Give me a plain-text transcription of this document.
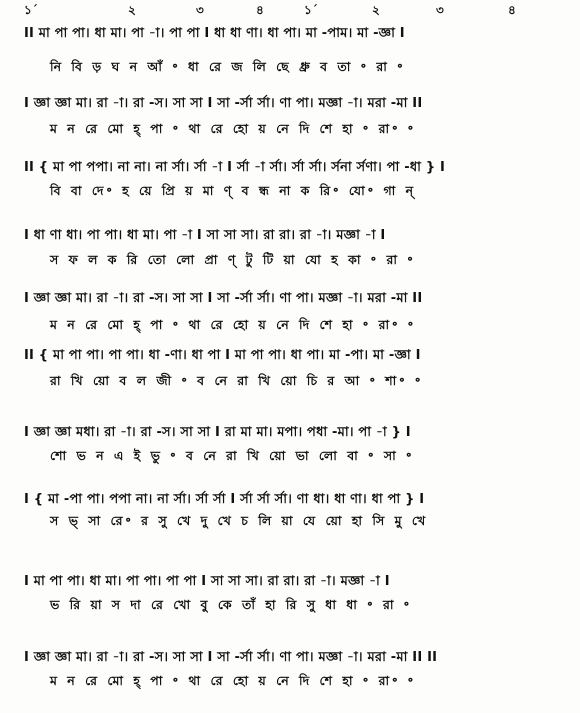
১´	২	৩	৪	১´	২	৩	৪
II মা পা পা। ধা মা। পা -া। পা পা I ধা ধা ণা। ধা পা। মা -পাম। মা -জ্ঞা I
নি বি ড় ঘ ন আঁ ॰ ধা রে জ লি ছে ধ্রু ব তা ॰ রা ॰
I জ্ঞা জ্ঞা মা। রা -া। রা -স। সা সা I সা -র্সা র্সা। ণা পা। মজ্ঞা -া। মরা -মা II
ম ন রে মো হ্ পা ॰ থা রে হো য় নে দি শে হা ॰ রা॰ ॰
II { মা পা পপা। না না। না র্সা। র্সা -া I র্সা -া র্সা। র্সা র্সা। র্সনা র্সণা। পা -ধা } I
বি বা দে॰ হ য়ে প্রি য় মা ণ্ ব ন্ধ না ক রি॰ যো॰ গা ন্
I ধা ণা ধা। পা পা। ধা মা। পা -া I সা সা সা। রা রা। রা -া। মজ্ঞা -া I
স ফ ল ক রি তো লো প্রা ণ্ টু টি য়া যো হ কা ॰ রা ॰
I জ্ঞা জ্ঞা মা। রা -া। রা -স। সা সা I সা -র্সা র্সা। ণা পা। মজ্ঞা -া। মরা -মা II
ম ন রে মো হ্ পা ॰ থা রে হো য় নে দি শে হা ॰ রা॰ ॰
II { মা পা পা। পা পা। ধা -ণা। ধা পা I মা পা পা। ধা পা। মা -পা। মা -জ্ঞা I
রা খি য়ো ব ল জী ॰ ব নে রা খি য়ো চি র আ ॰ শা॰ ॰
I জ্ঞা জ্ঞা মধা। রা -া। রা -স। সা সা I রা মা মা। মপা। পধা -মা। পা -া } I
শো ভ ন এ ই ভু ॰ ব নে রা খি য়ো ভা লো বা ॰ সা ॰
I { মা -পা পা। পপা না। না র্সা। র্সা র্সা I র্সা র্সা র্সা। ণা ধা। ধা ণা। ধা পা } I
স ভ্ সা রে॰ র সু খে দু খে চ লি য়া যে য়ো হা সি মু খে
I মা পা পা। ধা মা। পা পা। পা পা I সা সা সা। রা রা। রা -া। মজ্ঞা -া I
ভ রি য়া স দা রে খো বু কে তাঁ হা রি সু ধা ধা ॰ রা ॰
I জ্ঞা জ্ঞা মা। রা -া। রা -স। সা সা I সা -র্সা র্সা। ণা পা। মজ্ঞা -া। মরা -মা II II
ম ন রে মো হ্ পা ॰ থা রে হো য় নে দি শে হা ॰ রা॰ ॰
